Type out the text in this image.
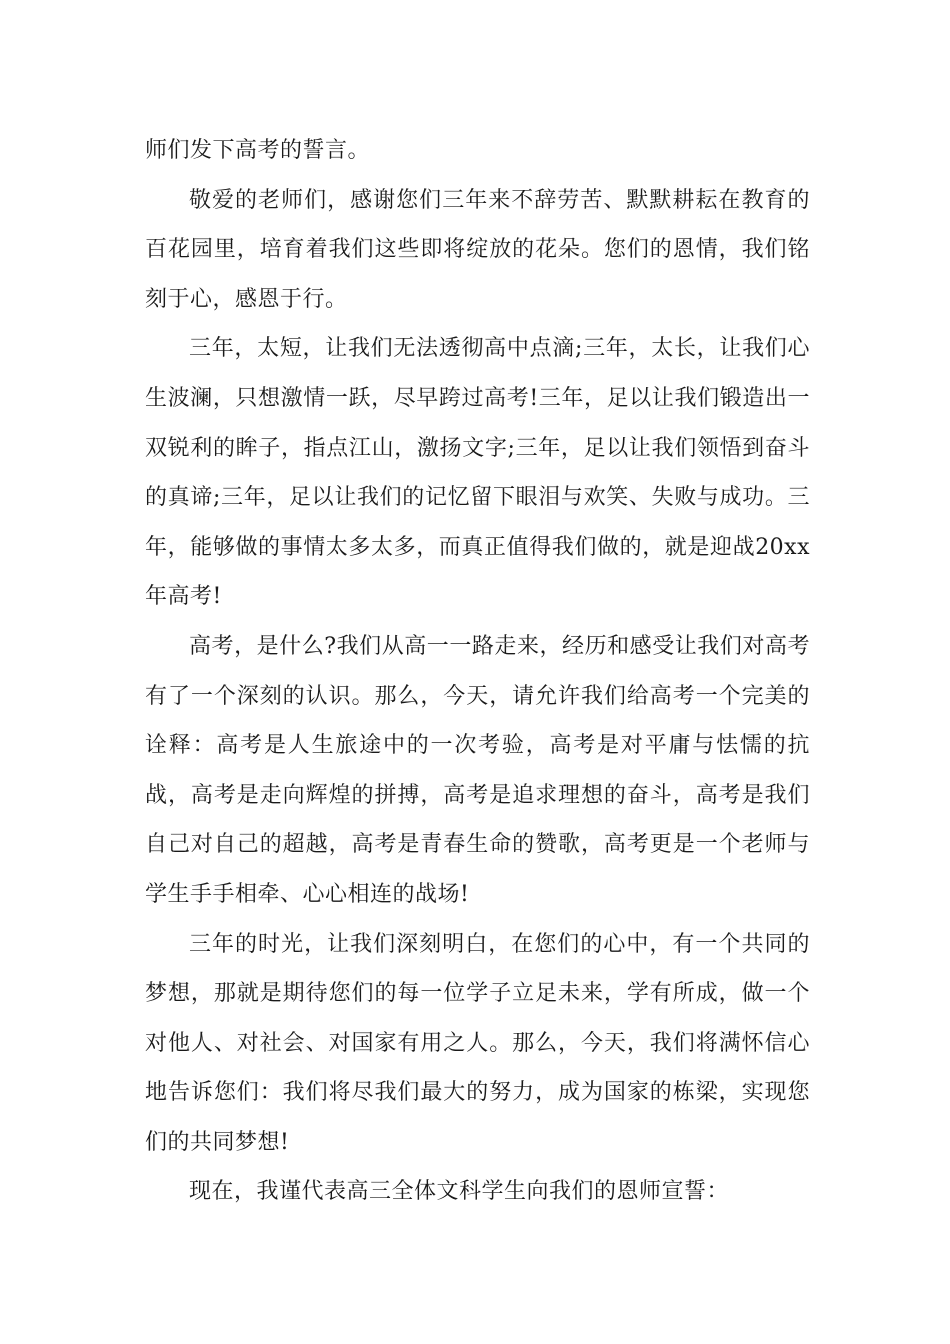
师们发下高考的誓言。

敬爱的老师们，感谢您们三年来不辞劳苦、默默耕耘在教育的百花园里，培育着我们这些即将绽放的花朵。您们的恩情，我们铭刻于心，感恩于行。

三年，太短，让我们无法透彻高中点滴;三年，太长，让我们心生波澜，只想激情一跃，尽早跨过高考!三年，足以让我们锻造出一双锐利的眸子，指点江山，激扬文字;三年，足以让我们领悟到奋斗的真谛;三年，足以让我们的记忆留下眼泪与欢笑、失败与成功。三年，能够做的事情太多太多，而真正值得我们做的，就是迎战20xx年高考!

高考，是什么?我们从高一一路走来，经历和感受让我们对高考有了一个深刻的认识。那么，今天，请允许我们给高考一个完美的诠释：高考是人生旅途中的一次考验，高考是对平庸与怯懦的抗战，高考是走向辉煌的拼搏，高考是追求理想的奋斗，高考是我们自己对自己的超越，高考是青春生命的赞歌，高考更是一个老师与学生手手相牵、心心相连的战场!

三年的时光，让我们深刻明白，在您们的心中，有一个共同的梦想，那就是期待您们的每一位学子立足未来，学有所成，做一个对他人、对社会、对国家有用之人。那么，今天，我们将满怀信心地告诉您们：我们将尽我们最大的努力，成为国家的栋梁，实现您们的共同梦想!

现在，我谨代表高三全体文科学生向我们的恩师宣誓：
